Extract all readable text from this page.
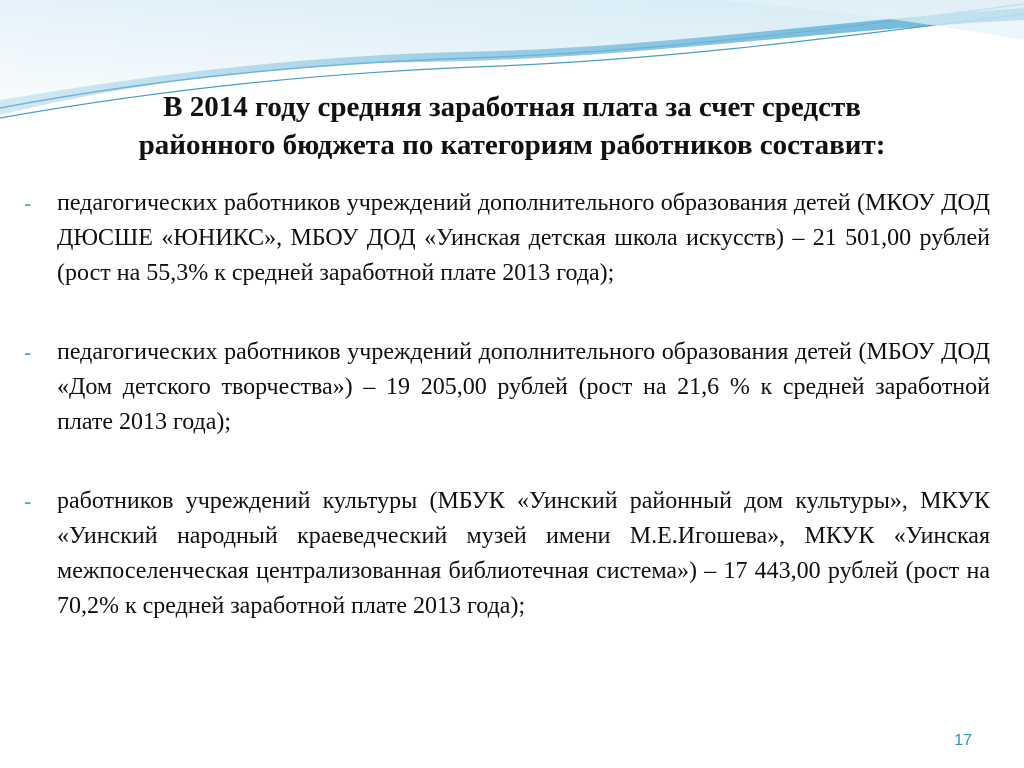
В 2014 году средняя заработная плата за счет средств
районного бюджета по категориям работников составит:
- педагогических работников учреждений дополнительного образования детей (МКОУ ДОД ДЮСШЕ «ЮНИКС», МБОУ ДОД «Уинская детская школа искусств) – 21 501,00 рублей (рост на 55,3% к средней заработной плате 2013 года);
- педагогических работников учреждений дополнительного образования детей (МБОУ ДОД «Дом детского творчества») – 19 205,00 рублей (рост на 21,6 % к средней заработной плате 2013 года);
- работников учреждений культуры (МБУК «Уинский районный дом культуры», МКУК «Уинский народный краеведческий музей имени М.Е.Игошева», МКУК «Уинская межпоселенческая централизованная библиотечная система») – 17 443,00 рублей (рост на 70,2% к средней заработной плате 2013 года);
17
